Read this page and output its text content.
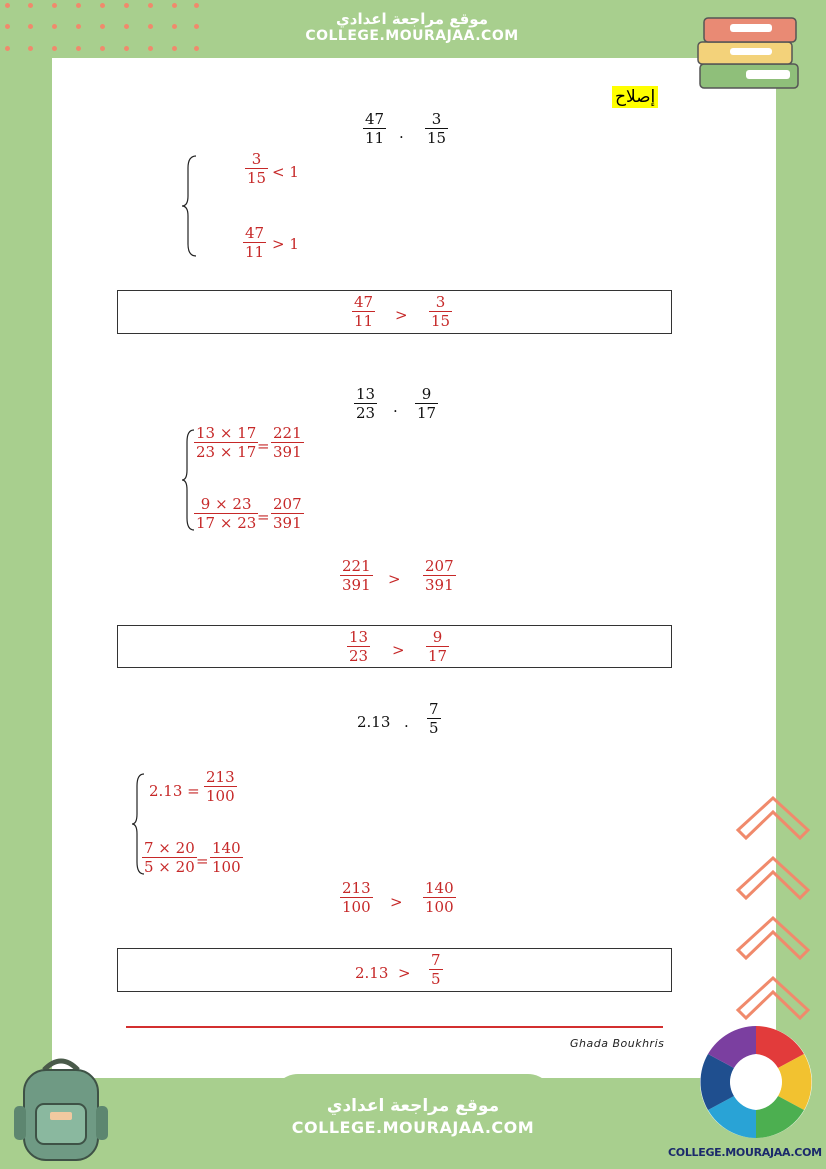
موقع مراجعة اعدادي
COLLEGE.MOURAJAA.COM
إصلاح
$\frac{47}{11}$ . $\frac{3}{15}$
$\frac{3}{15} < 1$
$\frac{47}{11} > 1$
$\frac{47}{11} > \frac{3}{15}$
$\frac{13}{23}$ . $\frac{9}{17}$
$\frac{13 \times 17}{23 \times 17}$
= $\frac{221}{391}$
$\frac{9 \times 23}{17 \times 23}$
= $\frac{207}{391}$
$\frac{221}{391} > \frac{207}{391}$
$\frac{13}{23} > \frac{9}{17}$
2.13 . $\frac{7}{5}$
$2.13 = \frac{213}{100}$
$\frac{7 \times 20}{5 \times 20} = \frac{140}{100}$
$\frac{213}{100} > \frac{140}{100}$
$2.13 > \frac{7}{5}$
Ghada Boukhris
موقع مراجعة اعدادي
COLLEGE.MOURAJAA.COM
COLLEGE.MOURAJAA.COM
